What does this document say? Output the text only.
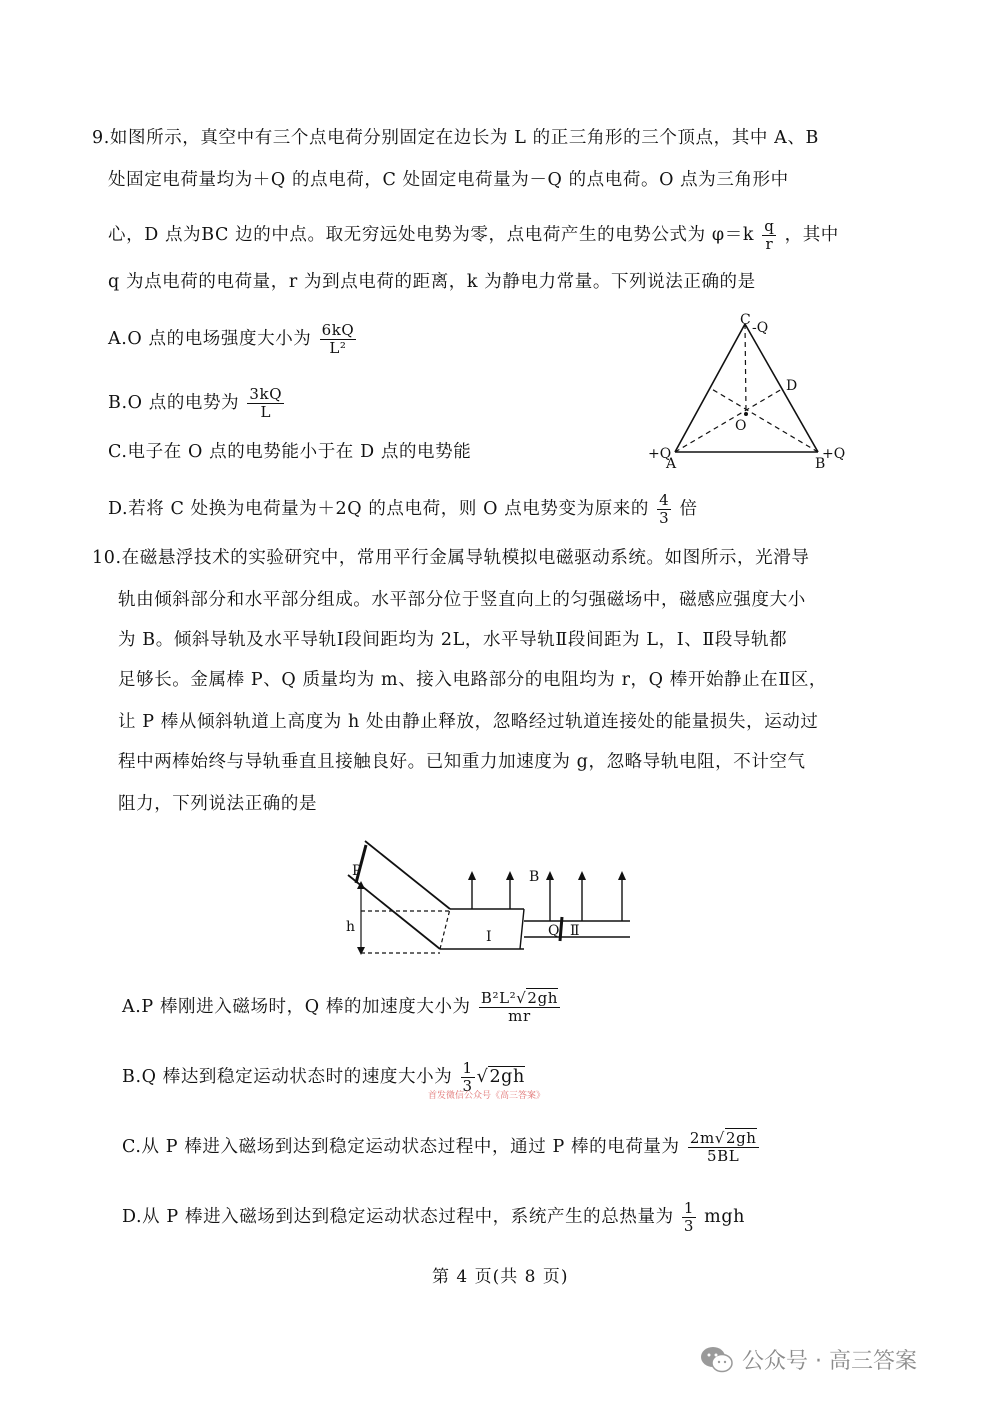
9.如图所示，真空中有三个点电荷分别固定在边长为 L 的正三角形的三个顶点，其中 A、B
处固定电荷量均为＋Q 的点电荷，C 处固定电荷量为－Q 的点电荷。O 点为三角形中
心，D 点为BC 边的中点。取无穷远处电势为零，点电荷产生的电势公式为 $\varphi=k \frac{q}{r}$ ，其中
q 为点电荷的电荷量，r 为到点电荷的距离，k 为静电力常量。下列说法正确的是
A.O 点的电场强度大小为 $\frac{6kQ}{\text{L²}}$
B.O 点的电势为 $\frac{3kQ}{L}$
C.电子在 O 点的电势能小于在 D 点的电势能
D.若将 C 处换为电荷量为＋2Q 的点电荷，则 O 点电势变为原来的 $\frac{4}{3}$ 倍
C -Q
D
O
A
+Q
B
+Q
10.在磁悬浮技术的实验研究中，常用平行金属导轨模拟电磁驱动系统。如图所示，光滑导
轨由倾斜部分和水平部分组成。水平部分位于竖直向上的匀强磁场中，磁感应强度大小
为 B。倾斜导轨及水平导轨Ⅰ段间距均为 2L，水平导轨Ⅱ段间距为 L，Ⅰ、Ⅱ段导轨都
足够长。金属棒 P、Q 质量均为 m、接入电路部分的电阻均为 r，Q 棒开始静止在Ⅱ区，
让 P 棒从倾斜轨道上高度为 h 处由静止释放，忽略经过轨道连接处的能量损失，运动过
程中两棒始终与导轨垂直且接触良好。已知重力加速度为 g，忽略导轨电阻，不计空气
阻力，下列说法正确的是
P
h
B
Ⅰ	Q Ⅱ
A.P 棒刚进入磁场时，Q 棒的加速度大小为 $\frac{\text{B²L²√2gh}}{mr}$
B.Q 棒达到稳定运动状态时的速度大小为 $\frac{1}{3} √2gh$
首发微信公众号《高三答案》
C.从 P 棒进入磁场到达到稳定运动状态过程中，通过 P 棒的电荷量为 $\frac{2m√2gh}{5BL}$
D.从 P 棒进入磁场到达到稳定运动状态过程中，系统产生的总热量为 $\frac{1}{3}$ mgh
第 4 页(共 8 页)
公众号 · 高三答案
